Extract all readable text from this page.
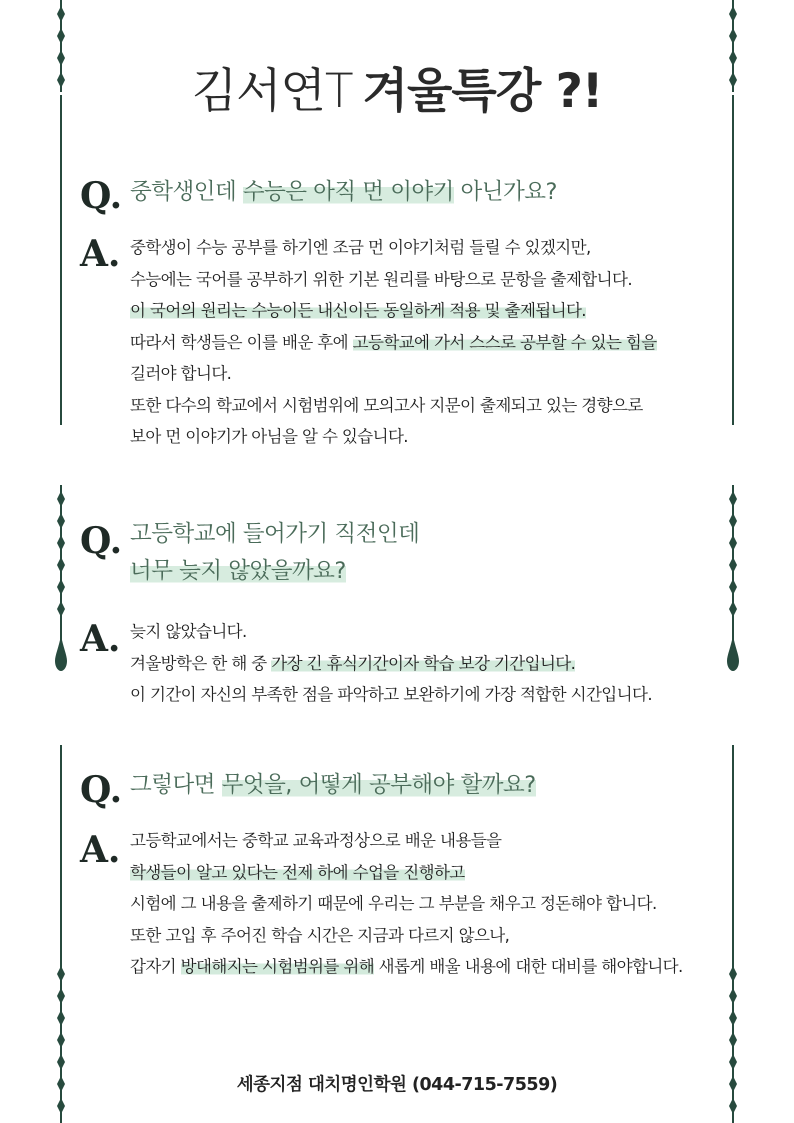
김서연T 겨울특강 ?!
Q. 중학생인데 수능은 아직 먼 이야기 아닌가요?
A. 중학생이 수능 공부를 하기엔 조금 먼 이야기처럼 들릴 수 있겠지만,
수능에는 국어를 공부하기 위한 기본 원리를 바탕으로 문항을 출제합니다.
이 국어의 원리는 수능이든 내신이든 동일하게 적용 및 출제됩니다.
따라서 학생들은 이를 배운 후에 고등학교에 가서 스스로 공부할 수 있는 힘을
길러야 합니다.
또한 다수의 학교에서 시험범위에 모의고사 지문이 출제되고 있는 경향으로
보아 먼 이야기가 아님을 알 수 있습니다.
Q. 고등학교에 들어가기 직전인데
너무 늦지 않았을까요?
A. 늦지 않았습니다.
겨울방학은 한 해 중 가장 긴 휴식기간이자 학습 보강 기간입니다.
이 기간이 자신의 부족한 점을 파악하고 보완하기에 가장 적합한 시간입니다.
Q. 그렇다면 무엇을, 어떻게 공부해야 할까요?
A. 고등학교에서는 중학교 교육과정상으로 배운 내용들을
학생들이 알고 있다는 전제 하에 수업을 진행하고
시험에 그 내용을 출제하기 때문에 우리는 그 부분을 채우고 정돈해야 합니다.
또한 고입 후 주어진 학습 시간은 지금과 다르지 않으나,
갑자기 방대해지는 시험범위를 위해 새롭게 배울 내용에 대한 대비를 해야합니다.
세종지점 대치명인학원 (044-715-7559)
